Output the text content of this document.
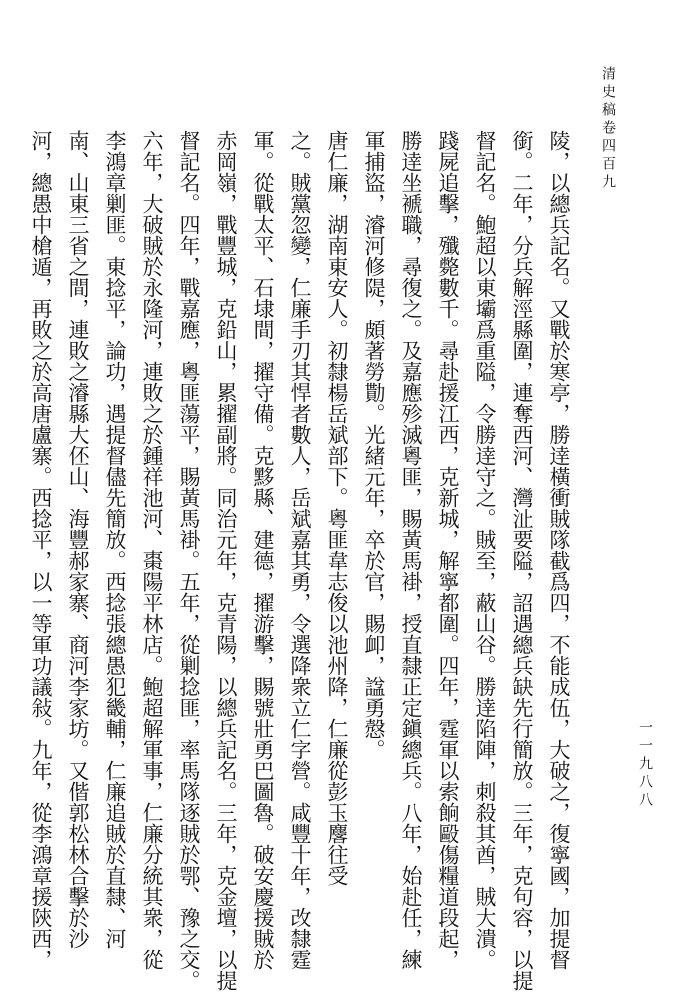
清史稿卷四百九
一一九八八
陵，以總兵記名。又戰於寒亭，勝逹橫衝賊隊截爲四，不能成伍，大破之，復寧國，加提督
銜。二年，分兵解涇縣圍，連奪西河、灣沚要隘，詔遇總兵缺先行簡放。三年，克句容，以提
督記名。鮑超以東壩爲重隘，令勝逹守之。賊至，蔽山谷。勝逹陷陣，刺殺其酋，賊大潰。
踐屍追擊，殲斃數千。尋赴援江西，克新城，解寧都圍。四年，霆軍以索餉毆傷糧道段起，
勝逹坐褫職，尋復之。及嘉應殄滅粵匪，賜黃馬褂，授直隸正定鎭總兵。八年，始赴任，練
軍捕盜，濬河修隄，頗著勞勩。光緒元年，卒於官，賜卹，諡勇慤。
唐仁廉，湖南東安人。初隸楊岳斌部下。粵匪韋志俊以池州降，仁廉從彭玉麐往受
之。賊黨忽變，仁廉手刃其悍者數人，岳斌嘉其勇，令選降衆立仁字營。咸豐十年，改隸霆
軍。從戰太平、石埭間，擢守備。克黟縣、建德，擢游擊，賜號壯勇巴圖魯。破安慶援賊於
赤岡嶺，戰豐城，克鉛山，累擢副將。同治元年，克青陽，以總兵記名。三年，克金壇，以提
督記名。四年，戰嘉應，粵匪蕩平，賜黃馬褂。五年，從剿捻匪，率馬隊逐賊於鄂、豫之交。
六年，大破賊於永隆河，連敗之於鍾祥池河、棗陽平林店。鮑超解軍事，仁廉分統其衆，從
李鴻章剿匪。東捻平，論功，遇提督儘先簡放。西捻張總愚犯畿輔，仁廉追賊於直隸、河
南、山東三省之間，連敗之濬縣大伾山、海豐郝家寨、商河李家坊。又偕郭松林合擊於沙
河，總愚中槍遁，再敗之於高唐盧寨。西捻平，以一等軍功議敍。九年，從李鴻章援陝西，
